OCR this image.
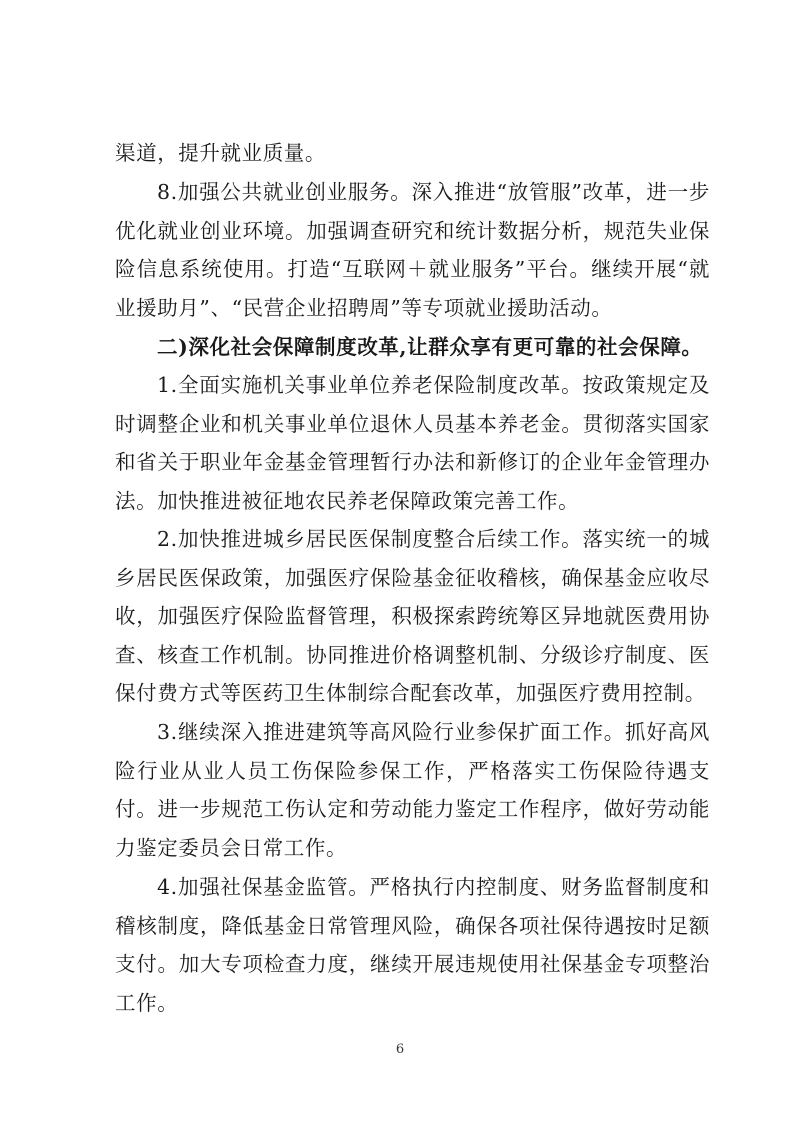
渠道，提升就业质量。

8.加强公共就业创业服务。深入推进“放管服”改革，进一步优化就业创业环境。加强调查研究和统计数据分析，规范失业保险信息系统使用。打造“互联网＋就业服务”平台。继续开展“就业援助月”、“民营企业招聘周”等专项就业援助活动。

二)深化社会保障制度改革,让群众享有更可靠的社会保障。

1.全面实施机关事业单位养老保险制度改革。按政策规定及时调整企业和机关事业单位退休人员基本养老金。贯彻落实国家和省关于职业年金基金管理暂行办法和新修订的企业年金管理办法。加快推进被征地农民养老保障政策完善工作。

2.加快推进城乡居民医保制度整合后续工作。落实统一的城乡居民医保政策，加强医疗保险基金征收稽核，确保基金应收尽收，加强医疗保险监督管理，积极探索跨统筹区异地就医费用协查、核查工作机制。协同推进价格调整机制、分级诊疗制度、医保付费方式等医药卫生体制综合配套改革，加强医疗费用控制。

3.继续深入推进建筑等高风险行业参保扩面工作。抓好高风险行业从业人员工伤保险参保工作，严格落实工伤保险待遇支付。进一步规范工伤认定和劳动能力鉴定工作程序，做好劳动能力鉴定委员会日常工作。

4.加强社保基金监管。严格执行内控制度、财务监督制度和稽核制度，降低基金日常管理风险，确保各项社保待遇按时足额支付。加大专项检查力度，继续开展违规使用社保基金专项整治工作。

6
